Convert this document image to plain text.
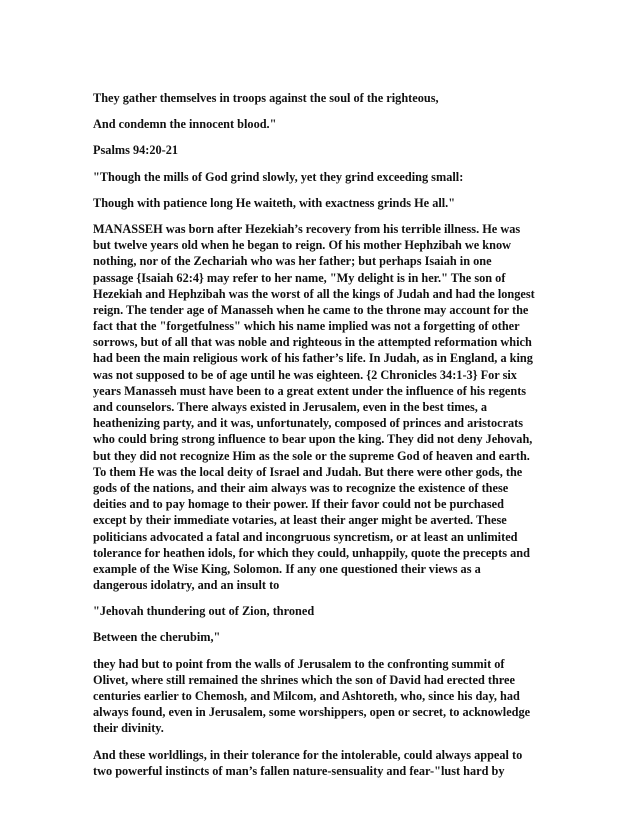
They gather themselves in troops against the soul of the righteous,
And condemn the innocent blood."
Psalms 94:20-21
"Though the mills of God grind slowly, yet they grind exceeding small:
Though with patience long He waiteth, with exactness grinds He all."
MANASSEH was born after Hezekiah’s recovery from his terrible illness. He was
but twelve years old when he began to reign. Of his mother Hephzibah we know
nothing, nor of the Zechariah who was her father; but perhaps Isaiah in one
passage {Isaiah 62:4} may refer to her name, "My delight is in her." The son of
Hezekiah and Hephzibah was the worst of all the kings of Judah and had the longest
reign. The tender age of Manasseh when he came to the throne may account for the
fact that the "forgetfulness" which his name implied was not a forgetting of other
sorrows, but of all that was noble and righteous in the attempted reformation which
had been the main religious work of his father’s life. In Judah, as in England, a king
was not supposed to be of age until he was eighteen. {2 Chronicles 34:1-3} For six
years Manasseh must have been to a great extent under the influence of his regents
and counselors. There always existed in Jerusalem, even in the best times, a
heathenizing party, and it was, unfortunately, composed of princes and aristocrats
who could bring strong influence to bear upon the king. They did not deny Jehovah,
but they did not recognize Him as the sole or the supreme God of heaven and earth.
To them He was the local deity of Israel and Judah. But there were other gods, the
gods of the nations, and their aim always was to recognize the existence of these
deities and to pay homage to their power. If their favor could not be purchased
except by their immediate votaries, at least their anger might be averted. These
politicians advocated a fatal and incongruous syncretism, or at least an unlimited
tolerance for heathen idols, for which they could, unhappily, quote the precepts and
example of the Wise King, Solomon. If any one questioned their views as a
dangerous idolatry, and an insult to
"Jehovah thundering out of Zion, throned
Between the cherubim,"
they had but to point from the walls of Jerusalem to the confronting summit of
Olivet, where still remained the shrines which the son of David had erected three
centuries earlier to Chemosh, and Milcom, and Ashtoreth, who, since his day, had
always found, even in Jerusalem, some worshippers, open or secret, to acknowledge
their divinity.
And these worldlings, in their tolerance for the intolerable, could always appeal to
two powerful instincts of man’s fallen nature-sensuality and fear-"lust hard by
